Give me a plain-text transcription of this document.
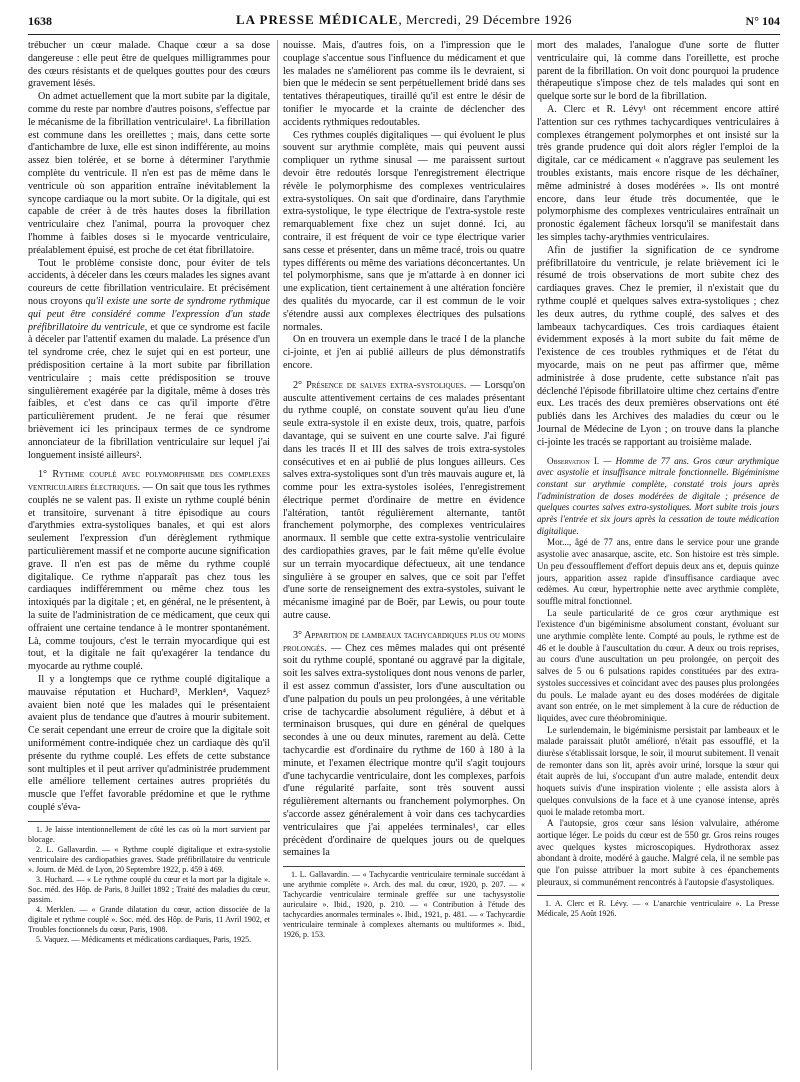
1638	LA PRESSE MÉDICALE, Mercredi, 29 Décembre 1926	N° 104

trébucher un cœur malade. Chaque cœur a sa dose dangereuse : elle peut être de quelques milligrammes pour des cœurs résistants et de quelques gouttes pour des cœurs gravement lésés.

On admet actuellement que la mort subite par la digitale, comme du reste par nombre d'autres poisons, s'effectue par le mécanisme de la fibrillation ventriculaire¹. La fibrillation est commune dans les oreillettes ; mais, dans cette sorte d'antichambre de luxe, elle est sinon indifférente, au moins assez bien tolérée, et se borne à déterminer l'arythmie complète du ventricule. Il n'en est pas de même dans le ventricule où son apparition entraîne inévitablement la syncope cardiaque ou la mort subite. Or la digitale, qui est capable de créer à de très hautes doses la fibrillation ventriculaire chez l'animal, pourra la provoquer chez l'homme à faibles doses si le myocarde ventriculaire, préalablement épuisé, est proche de cet état fibrillatoire.

Tout le problème consiste donc, pour éviter de tels accidents, à déceler dans les cœurs malades les signes avant coureurs de cette fibrillation ventriculaire. Et précisément nous croyons qu'il existe une sorte de syndrome rythmique qui peut être considéré comme l'expression d'un stade préfibrillatoire du ventricule, et que ce syndrome est facile à déceler par l'attentif examen du malade. La présence d'un tel syndrome crée, chez le sujet qui en est porteur, une prédisposition certaine à la mort subite par fibrillation ventriculaire ; mais cette prédisposition se trouve singulièrement exagérée par la digitale, même à doses très faibles, et c'est dans ce cas qu'il importe d'être particulièrement prudent. Je ne ferai que résumer brièvement ici les principaux termes de ce syndrome annonciateur de la fibrillation ventriculaire sur lequel j'ai longuement insisté ailleurs².

1° Rythme couplé avec polymorphisme des complexes ventriculaires électriques. — On sait que tous les rythmes couplés ne se valent pas. Il existe un rythme couplé bénin et transitoire, survenant à titre épisodique au cours d'arythmies extra-systoliques banales, et qui est alors seulement l'expression d'un dérèglement rythmique particulièrement massif et ne comporte aucune signification grave. Il n'en est pas de même du rythme couplé digitalique. Ce rythme n'apparaît pas chez tous les cardiaques indifféremment ou même chez tous les intoxiqués par la digitale ; et, en général, ne le présentent, à la suite de l'administration de ce médicament, que ceux qui offraient une certaine tendance à le montrer spontanément. Là, comme toujours, c'est le terrain myocardique qui est tout, et la digitale ne fait qu'exagérer la tendance du myocarde au rythme couplé.

Il y a longtemps que ce rythme couplé digitalique a mauvaise réputation et Huchard³, Merklen⁴, Vaquez⁵ avaient bien noté que les malades qui le présentaient avaient plus de tendance que d'autres à mourir subitement. Ce serait cependant une erreur de croire que la digitale soit uniformément contre-indiquée chez un cardiaque dès qu'il présente du rythme couplé. Les effets de cette substance sont multiples et il peut arriver qu'administrée prudemment elle améliore tellement certaines autres propriétés du muscle que l'effet favorable prédomine et que le rythme couplé s'éva-

1. Je laisse intentionnellement de côté les cas où la mort survient par blocage.

2. L. Gallavardin. — « Rythme couplé digitalique et extra-systolie ventriculaire des cardiopathies graves. Stade préfibrillatoire du ventricule ». Journ. de Méd. de Lyon, 20 Septembre 1922, p. 459 à 469.

3. Huchard. — « Le rythme couplé du cœur et la mort par la digitale ». Soc. méd. des Hôp. de Paris, 8 Juillet 1892 ; Traité des maladies du cœur, passim.

4. Merklen. — « Grande dilatation du cœur, action dissociée de la digitale et rythme couplé ». Soc. méd. des Hôp. de Paris, 11 Avril 1902, et Troubles fonctionnels du cœur, Paris, 1908.

5. Vaquez. — Médicaments et médications cardiaques, Paris, 1925.

nouisse. Mais, d'autres fois, on a l'impression que le couplage s'accentue sous l'influence du médicament et que les malades ne s'améliorent pas comme ils le devraient, si bien que le médecin se sent perpétuellement bridé dans ses tentatives thérapeutiques, tiraillé qu'il est entre le désir de tonifier le myocarde et la crainte de déclencher des accidents rythmiques redoutables.

Ces rythmes couplés digitaliques — qui évoluent le plus souvent sur arythmie complète, mais qui peuvent aussi compliquer un rythme sinusal — me paraissent surtout devoir être redoutés lorsque l'enregistrement électrique révèle le polymorphisme des complexes ventriculaires extra-systoliques. On sait que d'ordinaire, dans l'arythmie extra-systolique, le type électrique de l'extra-systole reste remarquablement fixe chez un sujet donné. Ici, au contraire, il est fréquent de voir ce type électrique varier sans cesse et présenter, dans un même tracé, trois ou quatre types différents ou même des variations déconcertantes. Un tel polymorphisme, sans que je m'attarde à en donner ici une explication, tient certainement à une altération foncière des qualités du myocarde, car il est commun de le voir s'étendre aussi aux complexes électriques des pulsations normales.

On en trouvera un exemple dans le tracé I de la planche ci-jointe, et j'en ai publié ailleurs de plus démonstratifs encore.

2° Présence de salves extra-systoliques. — Lorsqu'on ausculte attentivement certains de ces malades présentant du rythme couplé, on constate souvent qu'au lieu d'une seule extra-systole il en existe deux, trois, quatre, parfois davantage, qui se suivent en une courte salve. J'ai figuré dans les tracés II et III des salves de trois extra-systoles consécutives et en ai publié de plus longues ailleurs. Ces salves extra-systoliques sont d'un très mauvais augure et, là comme pour les extra-systoles isolées, l'enregistrement électrique permet d'ordinaire de mettre en évidence l'altération, tantôt régulièrement alternante, tantôt franchement polymorphe, des complexes ventriculaires anormaux. Il semble que cette extra-systolie ventriculaire des cardiopathies graves, par le fait même qu'elle évolue sur un terrain myocardique défectueux, ait une tendance singulière à se grouper en salves, que ce soit par l'effet d'une sorte de renseignement des extra-systoles, suivant le mécanisme imaginé par de Boër, par Lewis, ou pour toute autre cause.

3° Apparition de lambeaux tachycardiques plus ou moins prolongés. — Chez ces mêmes malades qui ont présenté soit du rythme couplé, spontané ou aggravé par la digitale, soit les salves extra-systoliques dont nous venons de parler, il est assez commun d'assister, lors d'une auscultation ou d'une palpation du pouls un peu prolongées, à une véritable crise de tachycardie absolument régulière, à début et à terminaison brusques, qui dure en général de quelques secondes à une ou deux minutes, rarement au delà. Cette tachycardie est d'ordinaire du rythme de 160 à 180 à la minute, et l'examen électrique montre qu'il s'agit toujours d'une tachycardie ventriculaire, dont les complexes, parfois d'une régularité parfaite, sont très souvent aussi régulièrement alternants ou franchement polymorphes. On s'accorde assez généralement à voir dans ces tachycardies ventriculaires que j'ai appelées terminales¹, car elles précèdent d'ordinaire de quelques jours ou de quelques semaines la

1. L. Gallavardin. — « Tachycardie ventriculaire terminale succédant à une arythmie complète ». Arch. des mal. du cœur, 1920, p. 207. — « Tachycardie ventriculaire terminale greffée sur une tachysystolie auriculaire ». Ibid., 1920, p. 210. — « Contribution à l'étude des tachycardies anormales terminales ». Ibid., 1921, p. 481. — « Tachycardie ventriculaire terminale à complexes alternants ou multiformes ». Ibid., 1926, p. 153.

mort des malades, l'analogue d'une sorte de flutter ventriculaire qui, là comme dans l'oreillette, est proche parent de la fibrillation. On voit donc pourquoi la prudence thérapeutique s'impose chez de tels malades qui sont en quelque sorte sur le bord de la fibrillation.

A. Clerc et R. Lévy¹ ont récemment encore attiré l'attention sur ces rythmes tachycardiques ventriculaires à complexes étrangement polymorphes et ont insisté sur la très grande prudence qui doit alors régler l'emploi de la digitale, car ce médicament « n'aggrave pas seulement les troubles existants, mais encore risque de les déchaîner, même administré à doses modérées ». Ils ont montré encore, dans leur étude très documentée, que le polymorphisme des complexes ventriculaires entraînait un pronostic également fâcheux lorsqu'il se manifestait dans les simples tachy-arythmies ventriculaires.

Afin de justifier la signification de ce syndrome préfibrillatoire du ventricule, je relate brièvement ici le résumé de trois observations de mort subite chez des cardiaques graves. Chez le premier, il n'existait que du rythme couplé et quelques salves extra-systoliques ; chez les deux autres, du rythme couplé, des salves et des lambeaux tachycardiques. Ces trois cardiaques étaient évidemment exposés à la mort subite du fait même de l'existence de ces troubles rythmiques et de l'état du myocarde, mais on ne peut pas affirmer que, même administrée à dose prudente, cette substance n'ait pas déclenché l'épisode fibrillatoire ultime chez certains d'entre eux. Les tracés des deux premières observations ont été publiés dans les Archives des maladies du cœur ou le Journal de Médecine de Lyon ; on trouve dans la planche ci-jointe les tracés se rapportant au troisième malade.

Observation I. — Homme de 77 ans. Gros cœur arythmique avec asystolie et insuffisance mitrale fonctionnelle. Bigéminisme constant sur arythmie complète, constaté trois jours après l'administration de doses modérées de digitale ; présence de quelques courtes salves extra-systoliques. Mort subite trois jours après l'entrée et six jours après la cessation de toute médication digitalique.

Mor..., âgé de 77 ans, entre dans le service pour une grande asystolie avec anasarque, ascite, etc. Son histoire est très simple. Un peu d'essoufflement d'effort depuis deux ans et, depuis quinze jours, apparition assez rapide d'insuffisance cardiaque avec œdèmes. Au cœur, hypertrophie nette avec arythmie complète, souffle mitral fonctionnel.

La seule particularité de ce gros cœur arythmique est l'existence d'un bigéminisme absolument constant, évoluant sur une arythmie complète lente. Compté au pouls, le rythme est de 46 et le double à l'auscultation du cœur. A deux ou trois reprises, au cours d'une auscultation un peu prolongée, on perçoit des salves de 5 ou 6 pulsations rapides constituées par des extra-systoles successives et coïncidant avec des pauses plus prolongées du pouls. Le malade ayant eu des doses modérées de digitale avant son entrée, on le met simplement à la cure de réduction de liquides, avec cure théobrominique.

Le surlendemain, le bigéminisme persistait par lambeaux et le malade paraissait plutôt amélioré, n'était pas essoufflé, et la diurèse s'établissait lorsque, le soir, il mourut subitement. Il venait de remonter dans son lit, après avoir uriné, lorsque la sœur qui était auprès de lui, s'occupant d'un autre malade, entendit deux hoquets suivis d'une inspiration violente ; elle assista alors à quelques convulsions de la face et à une cyanose intense, après quoi le malade retomba mort.

A l'autopsie, gros cœur sans lésion valvulaire, athérome aortique léger. Le poids du cœur est de 550 gr. Gros reins rouges avec quelques kystes microscopiques. Hydrothorax assez abondant à droite, modéré à gauche. Malgré cela, il ne semble pas que l'on puisse attribuer la mort subite à ces épanchements pleuraux, si communément rencontrés à l'autopsie d'asystoliques.

1. A. Clerc et R. Lévy. — « L'anarchie ventriculaire ». La Presse Médicale, 25 Août 1926.
